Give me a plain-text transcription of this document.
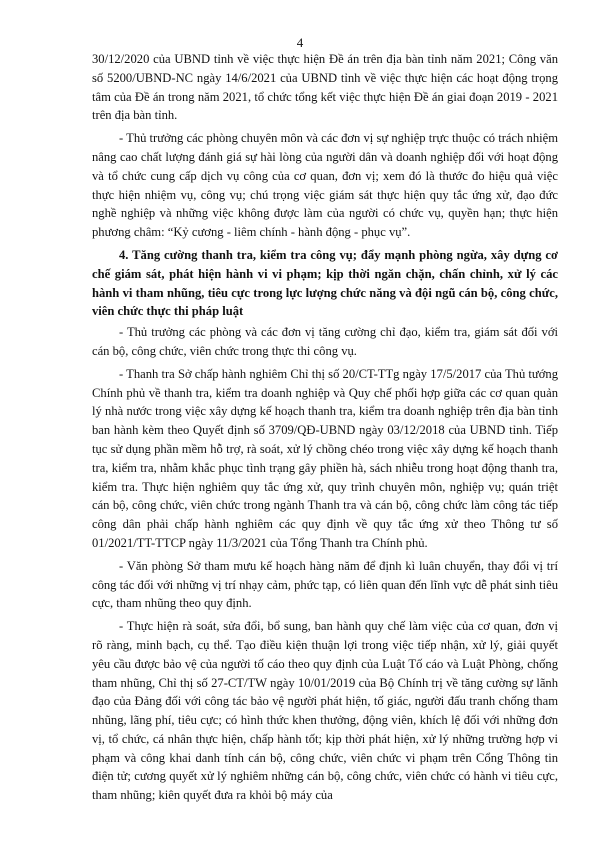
4

30/12/2020 của UBND tỉnh về việc thực hiện Đề án trên địa bàn tỉnh năm 2021; Công văn số 5200/UBND-NC ngày 14/6/2021 của UBND tỉnh về việc thực hiện các hoạt động trọng tâm của Đề án trong năm 2021, tổ chức tổng kết việc thực hiện Đề án giai đoạn 2019 - 2021 trên địa bàn tỉnh.

- Thủ trưởng các phòng chuyên môn và các đơn vị sự nghiệp trực thuộc có trách nhiệm nâng cao chất lượng đánh giá sự hài lòng của người dân và doanh nghiệp đối với hoạt động và tổ chức cung cấp dịch vụ công của cơ quan, đơn vị; xem đó là thước đo hiệu quả việc thực hiện nhiệm vụ, công vụ; chú trọng việc giám sát thực hiện quy tắc ứng xử, đạo đức nghề nghiệp và những việc không được làm của người có chức vụ, quyền hạn; thực hiện phương châm: “Kỷ cương - liêm chính - hành động - phục vụ”.

4. Tăng cường thanh tra, kiểm tra công vụ; đẩy mạnh phòng ngừa, xây dựng cơ chế giám sát, phát hiện hành vi vi phạm; kịp thời ngăn chặn, chấn chỉnh, xử lý các hành vi tham nhũng, tiêu cực trong lực lượng chức năng và đội ngũ cán bộ, công chức, viên chức thực thi pháp luật

- Thủ trưởng các phòng và các đơn vị tăng cường chỉ đạo, kiểm tra, giám sát đối với cán bộ, công chức, viên chức trong thực thi công vụ.

- Thanh tra Sở chấp hành nghiêm Chỉ thị số 20/CT-TTg ngày 17/5/2017 của Thủ tướng Chính phủ về thanh tra, kiểm tra doanh nghiệp và Quy chế phối hợp giữa các cơ quan quản lý nhà nước trong việc xây dựng kế hoạch thanh tra, kiểm tra doanh nghiệp trên địa bàn tỉnh ban hành kèm theo Quyết định số 3709/QĐ-UBND ngày 03/12/2018 của UBND tỉnh. Tiếp tục sử dụng phần mềm hỗ trợ, rà soát, xử lý chồng chéo trong việc xây dựng kế hoạch thanh tra, kiểm tra, nhằm khắc phục tình trạng gây phiền hà, sách nhiễu trong hoạt động thanh tra, kiểm tra. Thực hiện nghiêm quy tắc ứng xử, quy trình chuyên môn, nghiệp vụ; quán triệt cán bộ, công chức, viên chức trong ngành Thanh tra và cán bộ, công chức làm công tác tiếp công dân phải chấp hành nghiêm các quy định về quy tắc ứng xử theo Thông tư số 01/2021/TT-TTCP ngày 11/3/2021 của Tổng Thanh tra Chính phủ.

- Văn phòng Sở tham mưu kế hoạch hàng năm để định kì luân chuyển, thay đổi vị trí công tác đối với những vị trí nhạy cảm, phức tạp, có liên quan đến lĩnh vực dễ phát sinh tiêu cực, tham nhũng theo quy định.

- Thực hiện rà soát, sửa đổi, bổ sung, ban hành quy chế làm việc của cơ quan, đơn vị rõ ràng, minh bạch, cụ thể. Tạo điều kiện thuận lợi trong việc tiếp nhận, xử lý, giải quyết yêu cầu được bảo vệ của người tố cáo theo quy định của Luật Tố cáo và Luật Phòng, chống tham nhũng, Chỉ thị số 27-CT/TW ngày 10/01/2019 của Bộ Chính trị về tăng cường sự lãnh đạo của Đảng đối với công tác bảo vệ người phát hiện, tố giác, người đấu tranh chống tham nhũng, lãng phí, tiêu cực; có hình thức khen thưởng, động viên, khích lệ đối với những đơn vị, tổ chức, cá nhân thực hiện, chấp hành tốt; kịp thời phát hiện, xử lý những trường hợp vi phạm và công khai danh tính cán bộ, công chức, viên chức vi phạm trên Cổng Thông tin điện tử; cương quyết xử lý nghiêm những cán bộ, công chức, viên chức có hành vi tiêu cực, tham nhũng; kiên quyết đưa ra khỏi bộ máy của
